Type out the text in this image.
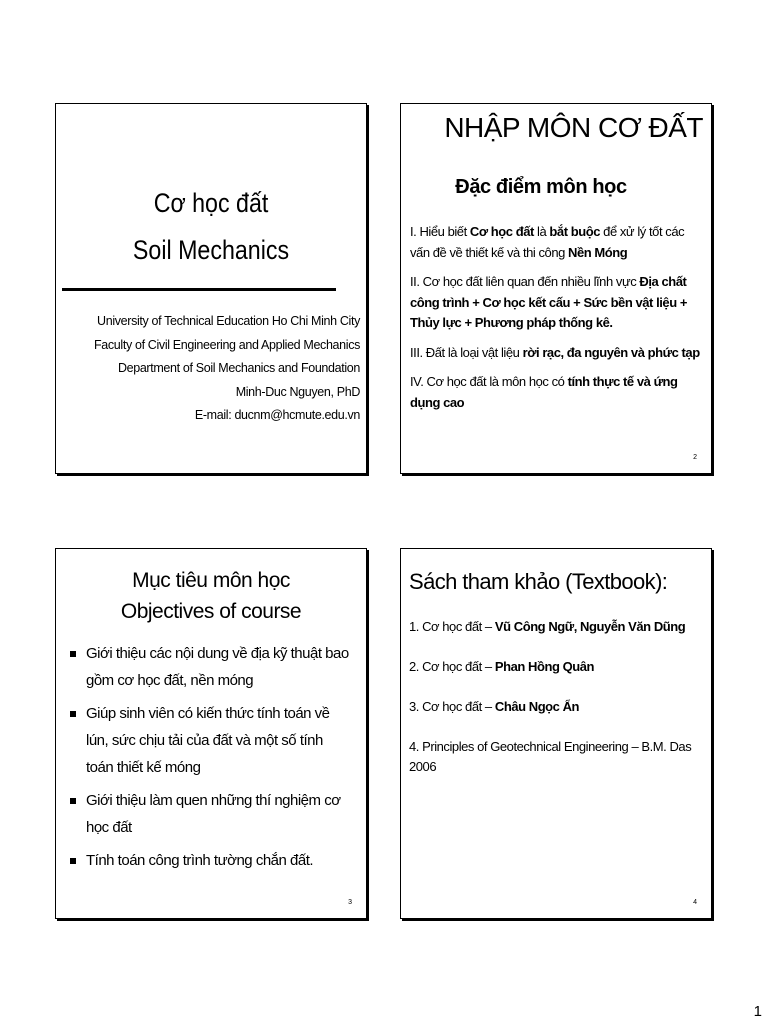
Cơ học đất
Soil Mechanics
University of Technical Education Ho Chi Minh City
Faculty of Civil Engineering and Applied Mechanics
Department of Soil Mechanics and Foundation
Minh-Duc Nguyen, PhD
E-mail: ducnm@hcmute.edu.vn
NHẬP MÔN CƠ ĐẤT
Đặc điểm môn học

I. Hiểu biết Cơ học đất là bắt buộc để xử lý tốt các vấn đề về thiết kế và thi công Nền Móng

II. Cơ học đất liên quan đến nhiều lĩnh vực Địa chất công trình + Cơ học kết cấu + Sức bền vật liệu + Thủy lực + Phương pháp thống kê.

III. Đất là loại vật liệu rời rạc, đa nguyên và phức tạp

IV. Cơ học đất là môn học có tính thực tế và ứng dụng cao

2
Mục tiêu môn học
Objectives of course
Giới thiệu các nội dung về địa kỹ thuật bao gồm cơ học đất, nền móng
Giúp sinh viên có kiến thức tính toán về lún, sức chịu tải của đất và một số tính toán thiết kế móng
Giới thiệu làm quen những thí nghiệm cơ học đất
Tính toán công trình tường chắn đất.
3
Sách tham khảo (Textbook):
1. Cơ học đất – Vũ Công Ngữ, Nguyễn Văn Dũng
2. Cơ học đất – Phan Hồng Quân
3. Cơ học đất – Châu Ngọc Ẩn
4. Principles of Geotechnical Engineering – B.M. Das 2006
4
1
